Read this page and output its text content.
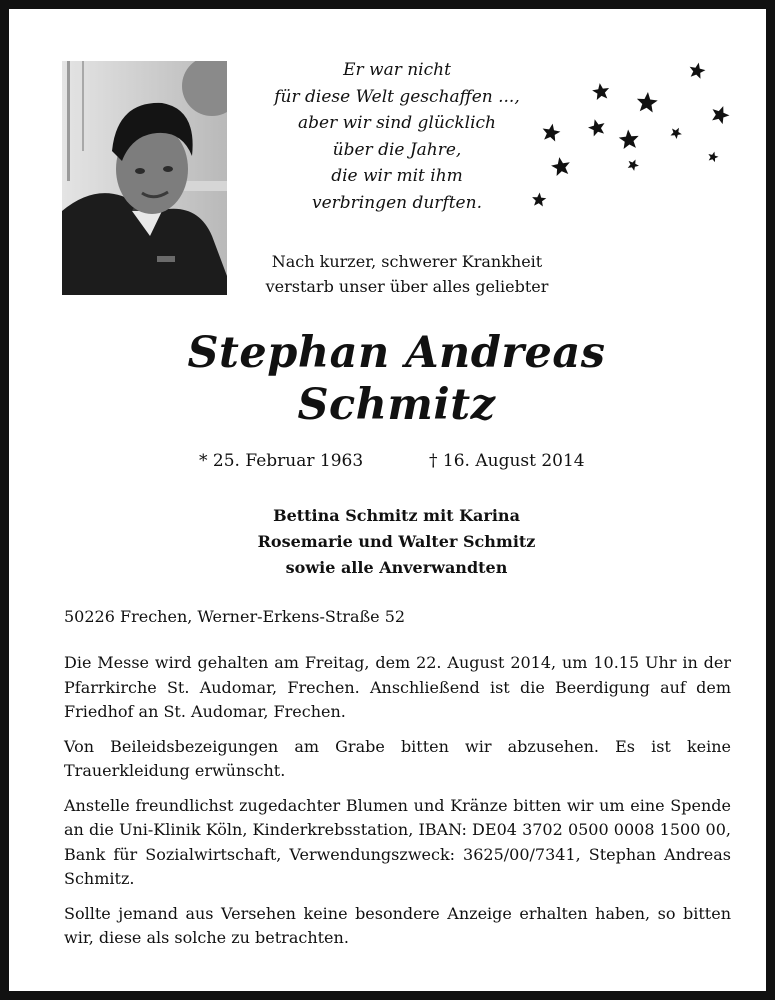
Er war nicht
für diese Welt geschaffen ...,
aber wir sind glücklich
über die Jahre,
die wir mit ihm
verbringen durften.
Nach kurzer, schwerer Krankheit
verstarb unser über alles geliebter
Stephan Andreas
Schmitz
* 25. Februar 1963	† 16. August 2014
Bettina Schmitz mit Karina
Rosemarie und Walter Schmitz
sowie alle Anverwandten
50226 Frechen, Werner-Erkens-Straße 52

Die Messe wird gehalten am Freitag, dem 22. August 2014, um 10.15 Uhr in der Pfarrkirche St. Audomar, Frechen. Anschließend ist die Beerdigung auf dem Friedhof an St. Audomar, Frechen.

Von Beileidsbezeigungen am Grabe bitten wir abzusehen. Es ist keine Trauerkleidung erwünscht.

Anstelle freundlichst zugedachter Blumen und Kränze bitten wir um eine Spende an die Uni-Klinik Köln, Kinderkrebsstation, IBAN: DE04 3702 0500 0008 1500 00, Bank für Sozialwirtschaft, Verwendungszweck: 3625/00/7341, Stephan Andreas Schmitz.

Sollte jemand aus Versehen keine besondere Anzeige erhalten haben, so bitten wir, diese als solche zu betrachten.
